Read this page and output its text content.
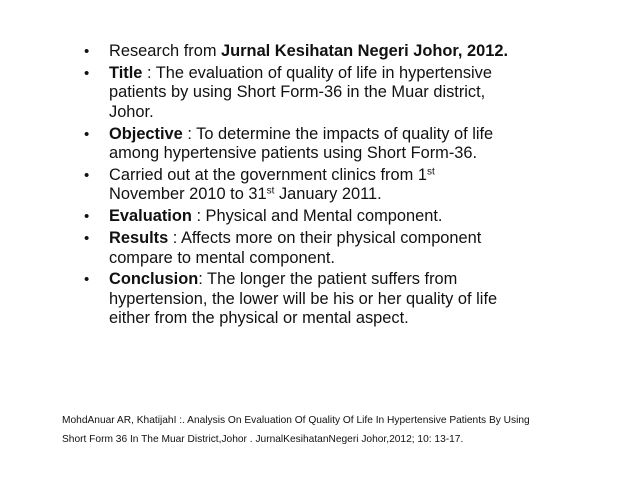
• Research from Jurnal Kesihatan Negeri Johor, 2012.
• Title : The evaluation of quality of life in hypertensive
patients by using Short Form-36 in the Muar district,
Johor.
• Objective : To determine the impacts of quality of life
among hypertensive patients using Short Form-36.
• Carried out at the government clinics from 1st
November 2010 to 31st January 2011.
• Evaluation : Physical and Mental component.
• Results : Affects more on their physical component
compare to mental component.
• Conclusion: The longer the patient suffers from
hypertension, the lower will be his or her quality of life
either from the physical or mental aspect.
MohdAnuar AR, KhatijahI :. Analysis On Evaluation Of Quality Of Life In Hypertensive Patients By Using
Short Form 36 In The Muar District,Johor . JurnalKesihatanNegeri Johor,2012; 10: 13-17.
